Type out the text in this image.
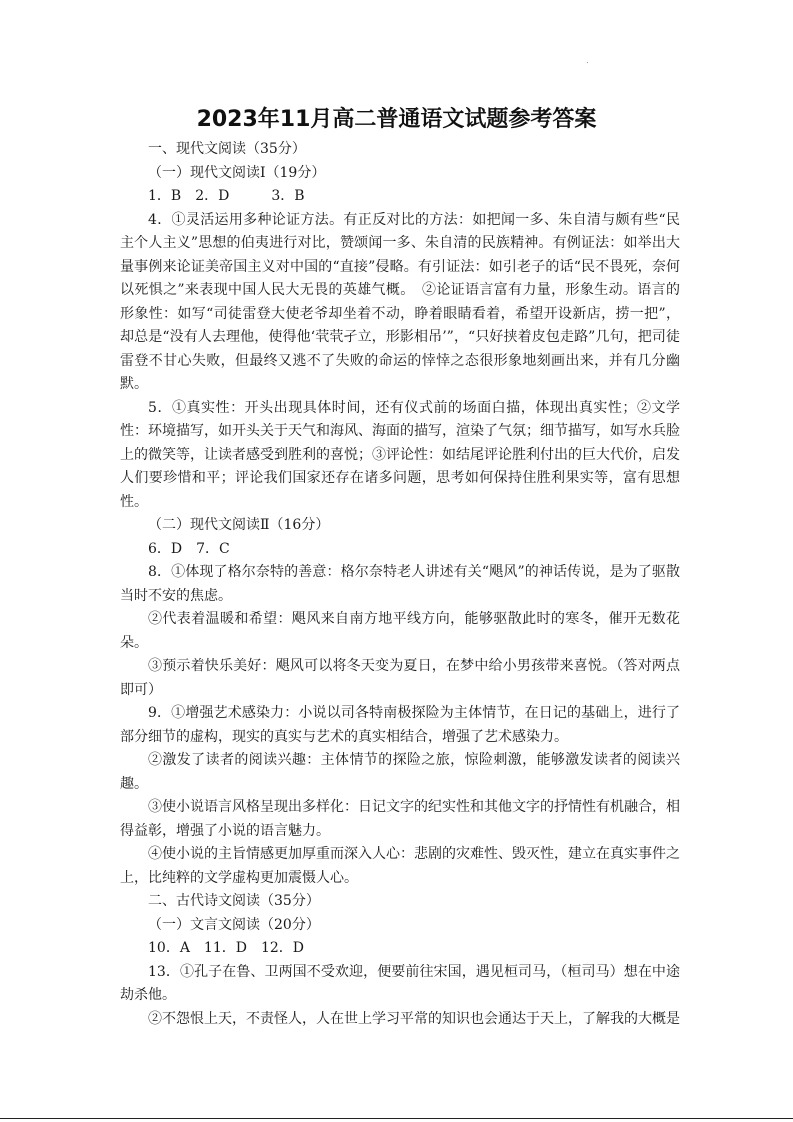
2023年11月高二普通语文试题参考答案

一、现代文阅读（35分）

（一）现代文阅读Ⅰ（19分）

1．B　2．D　　　3．B

4．①灵活运用多种论证方法。有正反对比的方法：如把闻一多、朱自清与颇有些“民主个人主义”思想的伯夷进行对比，赞颂闻一多、朱自清的民族精神。有例证法：如举出大量事例来论证美帝国主义对中国的“直接”侵略。有引证法：如引老子的话“民不畏死，奈何以死惧之”来表现中国人民大无畏的英雄气概。　②论证语言富有力量，形象生动。语言的形象性：如写“司徒雷登大使老爷却坐着不动，睁着眼睛看着，希望开设新店，捞一把”，却总是“没有人去理他，使得他‘茕茕孑立，形影相吊’”，“只好挟着皮包走路”几句，把司徒雷登不甘心失败，但最终又逃不了失败的命运的悻悻之态很形象地刻画出来，并有几分幽默。

5．①真实性：开头出现具体时间，还有仪式前的场面白描，体现出真实性；②文学性：环境描写，如开头关于天气和海风、海面的描写，渲染了气氛；细节描写，如写水兵脸上的微笑等，让读者感受到胜利的喜悦；③评论性：如结尾评论胜利付出的巨大代价，启发人们要珍惜和平；评论我们国家还存在诸多问题，思考如何保持住胜利果实等，富有思想性。

（二）现代文阅读Ⅱ（16分）

6．D　7．C

8．①体现了格尔奈特的善意：格尔奈特老人讲述有关“飓风”的神话传说，是为了驱散当时不安的焦虑。

②代表着温暖和希望：飓风来自南方地平线方向，能够驱散此时的寒冬，催开无数花朵。

③预示着快乐美好：飓风可以将冬天变为夏日，在梦中给小男孩带来喜悦。（答对两点即可）

9．①增强艺术感染力：小说以司各特南极探险为主体情节，在日记的基础上，进行了部分细节的虚构，现实的真实与艺术的真实相结合，增强了艺术感染力。

②激发了读者的阅读兴趣：主体情节的探险之旅，惊险刺激，能够激发读者的阅读兴趣。

③使小说语言风格呈现出多样化：日记文字的纪实性和其他文字的抒情性有机融合，相得益彰，增强了小说的语言魅力。

④使小说的主旨情感更加厚重而深入人心：悲剧的灾难性、毁灭性，建立在真实事件之上，比纯粹的文学虚构更加震慑人心。

二、古代诗文阅读（35分）

（一）文言文阅读（20分）

10．A　11．D　12．D

13．①孔子在鲁、卫两国不受欢迎，便要前往宋国，遇见桓司马，（桓司马）想在中途劫杀他。

②不怨恨上天，不责怪人，人在世上学习平常的知识也会通达于天上，了解我的大概是
